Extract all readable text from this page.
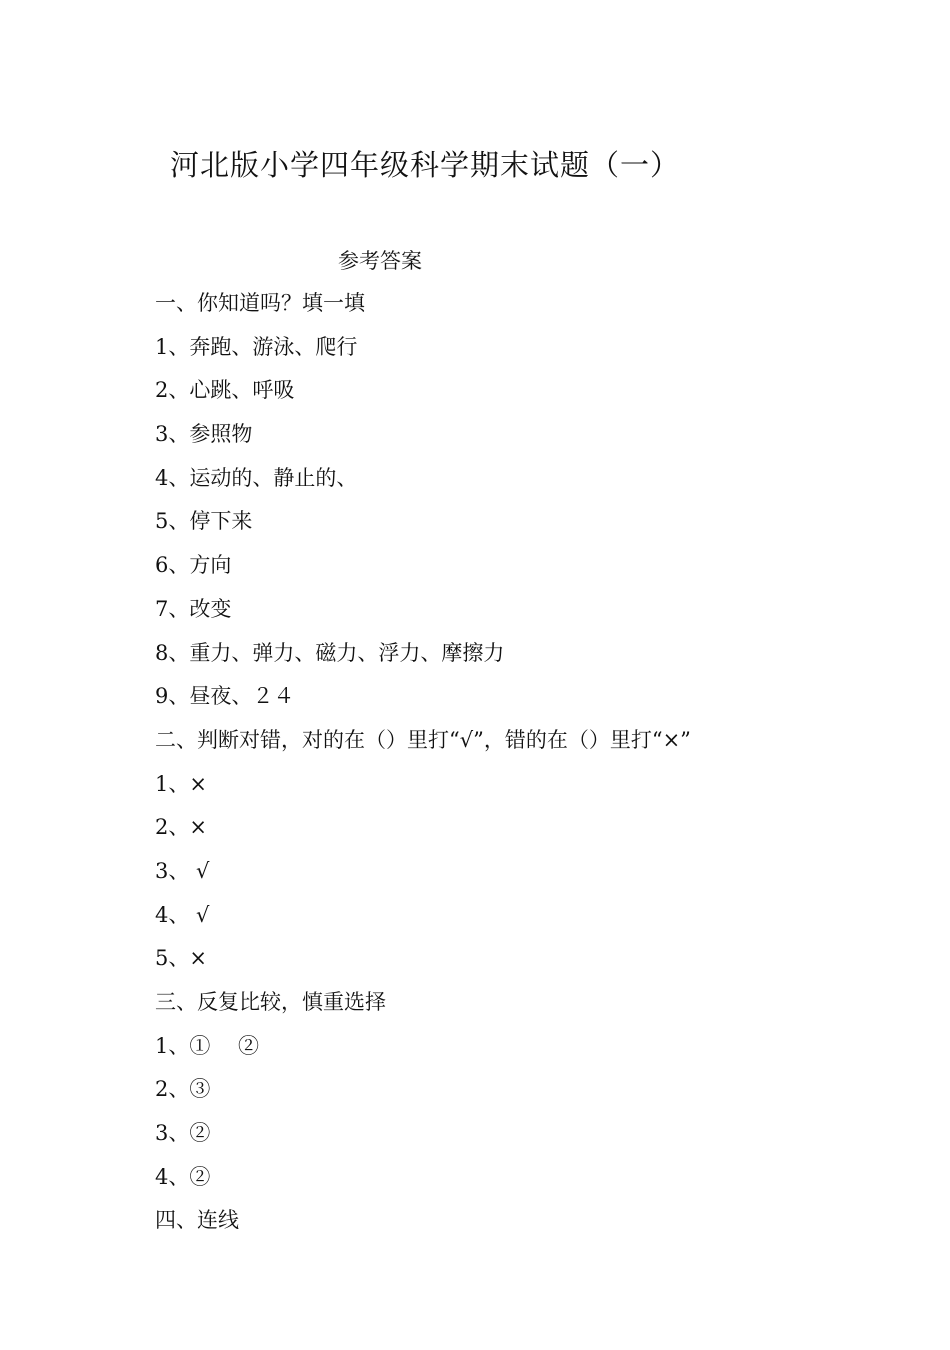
河北版小学四年级科学期末试题（一）
参考答案
一、你知道吗？填一填
1、奔跑、游泳、爬行
2、心跳、呼吸
3、参照物
4、运动的、静止的、
5、停下来
6、方向
7、改变
8、重力、弹力、磁力、浮力、摩擦力
9、昼夜、２４
二、判断对错，对的在（）里打“√”，错的在（）里打“×”
1、×
2、×
3、 √
4、 √
5、×
三、反复比较，慎重选择
1、①　 ②
2、③
3、②
4、②
四、连线
